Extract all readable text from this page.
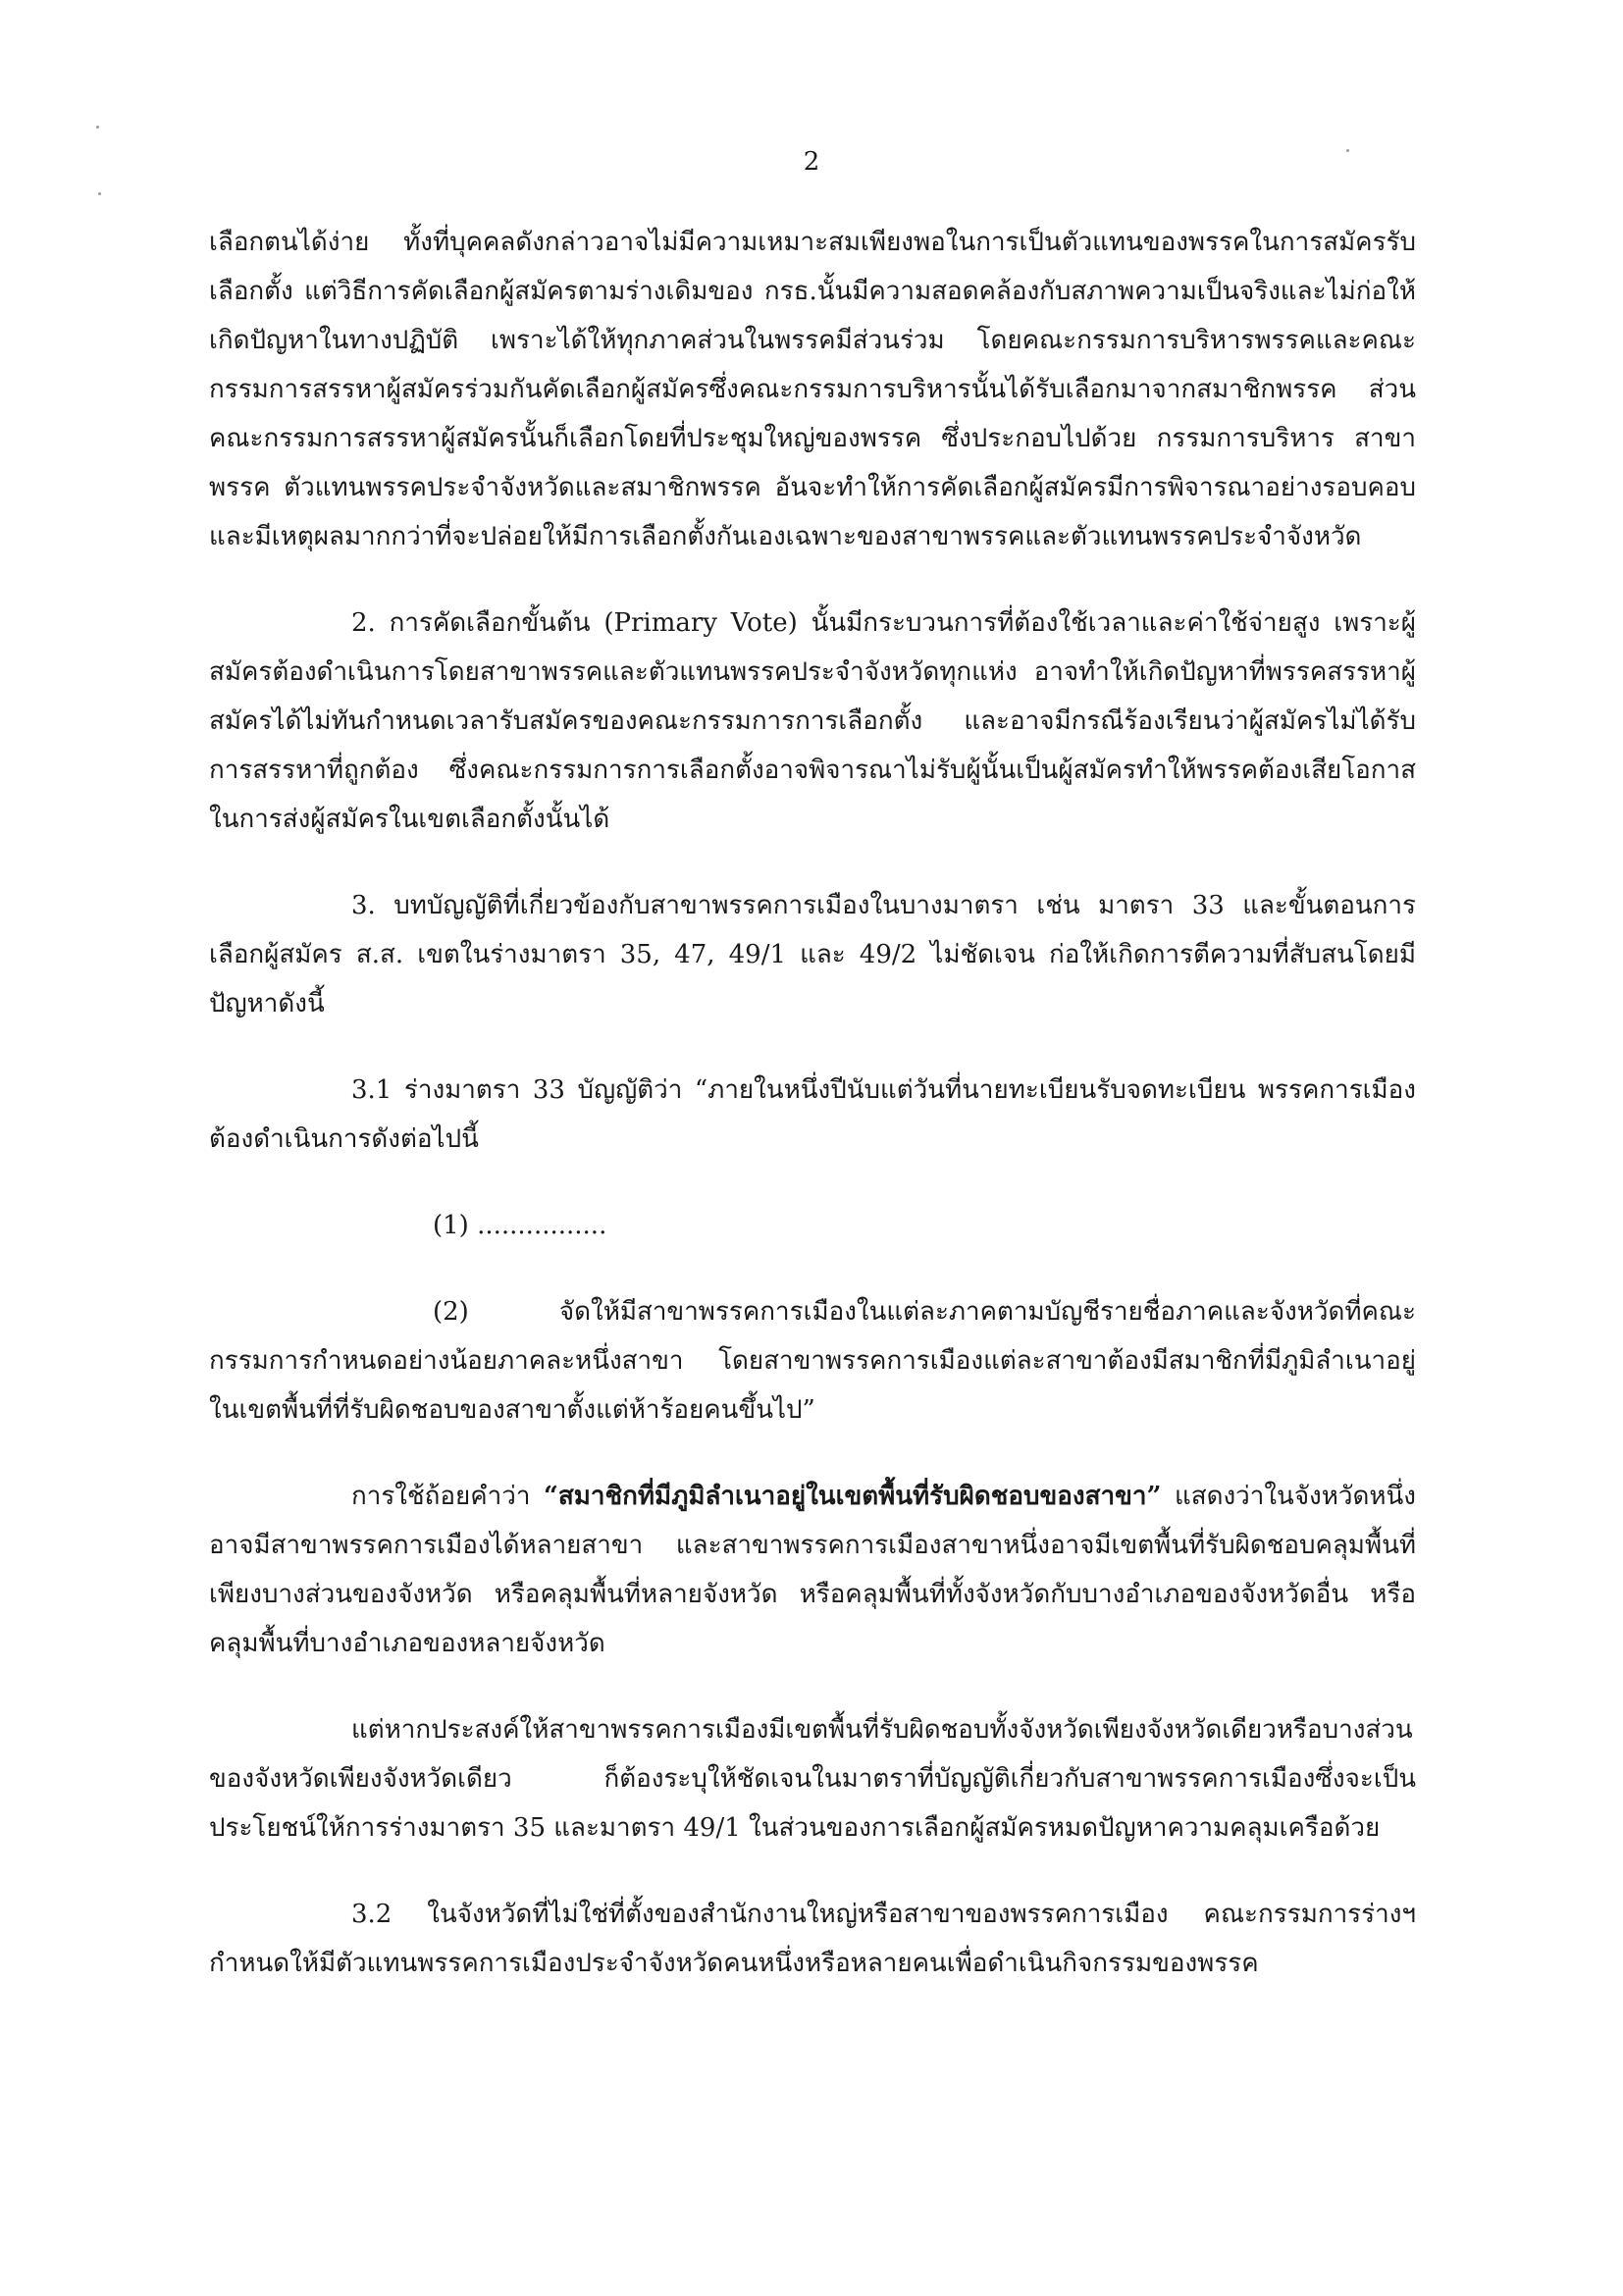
2

เลือกตนได้ง่าย ทั้งที่บุคคลดังกล่าวอาจไม่มีความเหมาะสมเพียงพอในการเป็นตัวแทนของพรรคในการสมัครรับเลือกตั้ง แต่วิธีการคัดเลือกผู้สมัครตามร่างเดิมของ กรธ.นั้นมีความสอดคล้องกับสภาพความเป็นจริงและไม่ก่อให้เกิดปัญหาในทางปฏิบัติ เพราะได้ให้ทุกภาคส่วนในพรรคมีส่วนร่วม โดยคณะกรรมการบริหารพรรคและคณะกรรมการสรรหาผู้สมัครร่วมกันคัดเลือกผู้สมัครซึ่งคณะกรรมการบริหารนั้นได้รับเลือกมาจากสมาชิกพรรค ส่วนคณะกรรมการสรรหาผู้สมัครนั้นก็เลือกโดยที่ประชุมใหญ่ของพรรค ซึ่งประกอบไปด้วย กรรมการบริหาร สาขาพรรค ตัวแทนพรรคประจำจังหวัดและสมาชิกพรรค อันจะทำให้การคัดเลือกผู้สมัครมีการพิจารณาอย่างรอบคอบและมีเหตุผลมากกว่าที่จะปล่อยให้มีการเลือกตั้งกันเองเฉพาะของสาขาพรรคและตัวแทนพรรคประจำจังหวัด

2. การคัดเลือกขั้นต้น (Primary Vote) นั้นมีกระบวนการที่ต้องใช้เวลาและค่าใช้จ่ายสูง เพราะผู้สมัครต้องดำเนินการโดยสาขาพรรคและตัวแทนพรรคประจำจังหวัดทุกแห่ง อาจทำให้เกิดปัญหาที่พรรคสรรหาผู้สมัครได้ไม่ทันกำหนดเวลารับสมัครของคณะกรรมการการเลือกตั้ง และอาจมีกรณีร้องเรียนว่าผู้สมัครไม่ได้รับการสรรหาที่ถูกต้อง ซึ่งคณะกรรมการการเลือกตั้งอาจพิจารณาไม่รับผู้นั้นเป็นผู้สมัครทำให้พรรคต้องเสียโอกาสในการส่งผู้สมัครในเขตเลือกตั้งนั้นได้

3. บทบัญญัติที่เกี่ยวข้องกับสาขาพรรคการเมืองในบางมาตรา เช่น มาตรา 33 และขั้นตอนการเลือกผู้สมัคร ส.ส. เขตในร่างมาตรา 35, 47, 49/1 และ 49/2 ไม่ชัดเจน ก่อให้เกิดการตีความที่สับสนโดยมีปัญหาดังนี้

3.1 ร่างมาตรา 33 บัญญัติว่า “ภายในหนึ่งปีนับแต่วันที่นายทะเบียนรับจดทะเบียน พรรคการเมืองต้องดำเนินการดังต่อไปนี้

(1) ................

(2) จัดให้มีสาขาพรรคการเมืองในแต่ละภาคตามบัญชีรายชื่อภาคและจังหวัดที่คณะกรรมการกำหนดอย่างน้อยภาคละหนึ่งสาขา โดยสาขาพรรคการเมืองแต่ละสาขาต้องมีสมาชิกที่มีภูมิลำเนาอยู่ในเขตพื้นที่ที่รับผิดชอบของสาขาตั้งแต่ห้าร้อยคนขึ้นไป”

การใช้ถ้อยคำว่า “สมาชิกที่มีภูมิลำเนาอยู่ในเขตพื้นที่รับผิดชอบของสาขา” แสดงว่าในจังหวัดหนึ่งอาจมีสาขาพรรคการเมืองได้หลายสาขา และสาขาพรรคการเมืองสาขาหนึ่งอาจมีเขตพื้นที่รับผิดชอบคลุมพื้นที่เพียงบางส่วนของจังหวัด หรือคลุมพื้นที่หลายจังหวัด หรือคลุมพื้นที่ทั้งจังหวัดกับบางอำเภอของจังหวัดอื่น หรือคลุมพื้นที่บางอำเภอของหลายจังหวัด

แต่หากประสงค์ให้สาขาพรรคการเมืองมีเขตพื้นที่รับผิดชอบทั้งจังหวัดเพียงจังหวัดเดียวหรือบางส่วนของจังหวัดเพียงจังหวัดเดียว ก็ต้องระบุให้ชัดเจนในมาตราที่บัญญัติเกี่ยวกับสาขาพรรคการเมืองซึ่งจะเป็นประโยชน์ให้การร่างมาตรา 35 และมาตรา 49/1 ในส่วนของการเลือกผู้สมัครหมดปัญหาความคลุมเครือด้วย

3.2 ในจังหวัดที่ไม่ใช่ที่ตั้งของสำนักงานใหญ่หรือสาขาของพรรคการเมือง คณะกรรมการร่างฯ กำหนดให้มีตัวแทนพรรคการเมืองประจำจังหวัดคนหนึ่งหรือหลายคนเพื่อดำเนินกิจกรรมของพรรค
